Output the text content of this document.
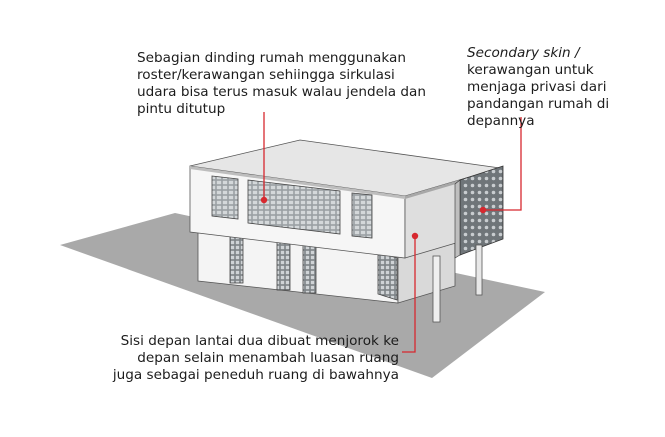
Sebagian dinding rumah menggunakan
roster/kerawangan sehiingga sirkulasi
udara bisa terus masuk walau jendela dan
pintu ditutup

Secondary skin /
kerawangan untuk
menjaga privasi dari
pandangan rumah di
depannya

Sisi depan lantai dua dibuat menjorok ke
depan selain menambah luasan ruang
juga sebagai peneduh ruang di bawahnya
